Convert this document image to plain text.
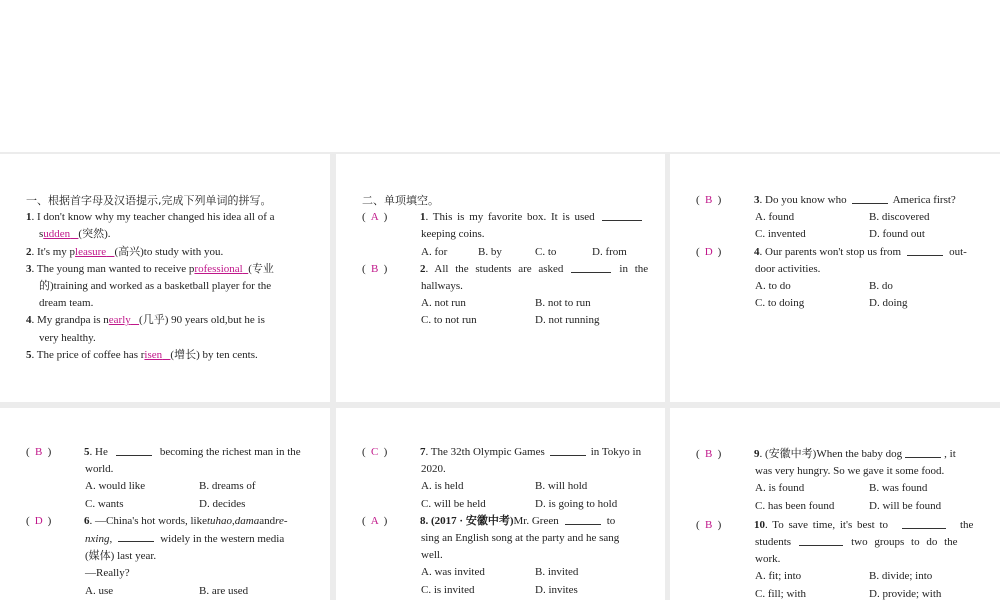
一、根据首字母及汉语提示,完成下列单词的拼写。
1. I don't know why my teacher changed his idea all of a
sudden (突然).
2. It's my pleasure (高兴)to study with you.
3. The young man wanted to receive professional (专业
的)training and worked as a basketball player for the
dream team.
4. My grandpa is nearly (几乎) 90 years old,but he is
very healthy.
5. The price of coffee has risen (增长) by ten cents.
二、单项填空。
( A )	1 . This is my favorite box. It is used
keeping coins.
A. for	B. by	C. to	D. from
( B )	2 . All the students are asked	in the
hallways.
A. not run	B. not to run
C. to not run	D. not running
( B )	3 . Do you know who	America first?
A. found	B. discovered
C. invented	D. found out
( D )	4 . Our parents won't stop us from	out-
door activities.
A. to do	B. do
C. to doing	D. doing
( B )	5 . He	becoming the richest man in the
world.
A. would like	B. dreams of
C. wants	D. decides
( D )	6 . —China's hot words, like tuhao , dama and re-
nxing,	widely in the western media
(媒体) last year.
—Really?
A. use	B. are used
( C )	7 . The 32th Olympic Games	in Tokyo in
2020.
A. is held	B. will hold
C. will be held	D. is going to hold
( A )	8 . (2017 · 安徽中考) Mr. Green	to
sing an English song at the party and he sang
well.
A. was invited	B. invited
C. is invited	D. invites
( B )	9 . (安徽中考) When the baby dog	, it
was very hungry. So we gave it some food.
A. is found	B. was found
C. has been found	D. will be found
( B )	10 . To save time, it's best to	the
students	two groups to do the
work.
A. fit; into	B. divide; into
C. fill; with	D. provide; with
